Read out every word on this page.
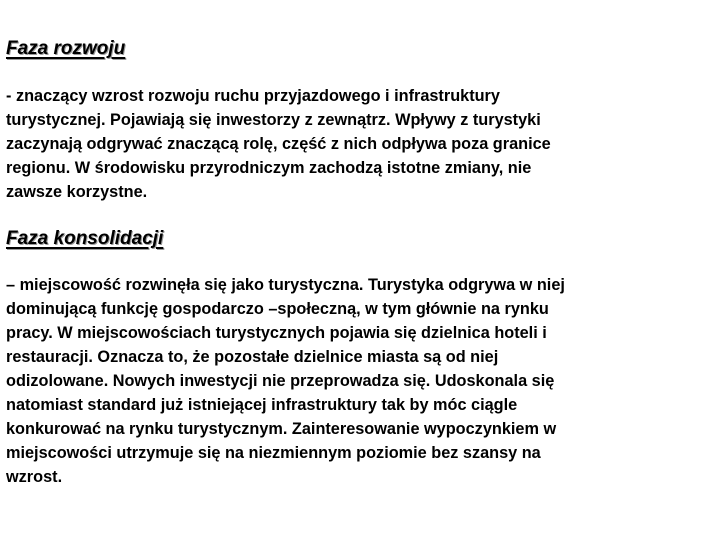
Faza rozwoju

- znaczący wzrost rozwoju ruchu przyjazdowego i infrastruktury
turystycznej. Pojawiają się inwestorzy z zewnątrz. Wpływy z turystyki
zaczynają odgrywać znaczącą rolę, część z nich odpływa poza granice
regionu. W środowisku przyrodniczym zachodzą istotne zmiany, nie
zawsze korzystne.

Faza konsolidacji

– miejscowość rozwinęła się jako turystyczna. Turystyka odgrywa w niej
dominującą funkcję gospodarczo –społeczną, w tym głównie na rynku
pracy. W miejscowościach turystycznych pojawia się dzielnica hoteli i
restauracji. Oznacza to, że pozostałe dzielnice miasta są od niej
odizolowane. Nowych inwestycji nie przeprowadza się. Udoskonala się
natomiast standard już istniejącej infrastruktury tak by móc ciągle
konkurować na rynku turystycznym. Zainteresowanie wypoczynkiem w
miejscowości utrzymuje się na niezmiennym poziomie bez szansy na
wzrost.
